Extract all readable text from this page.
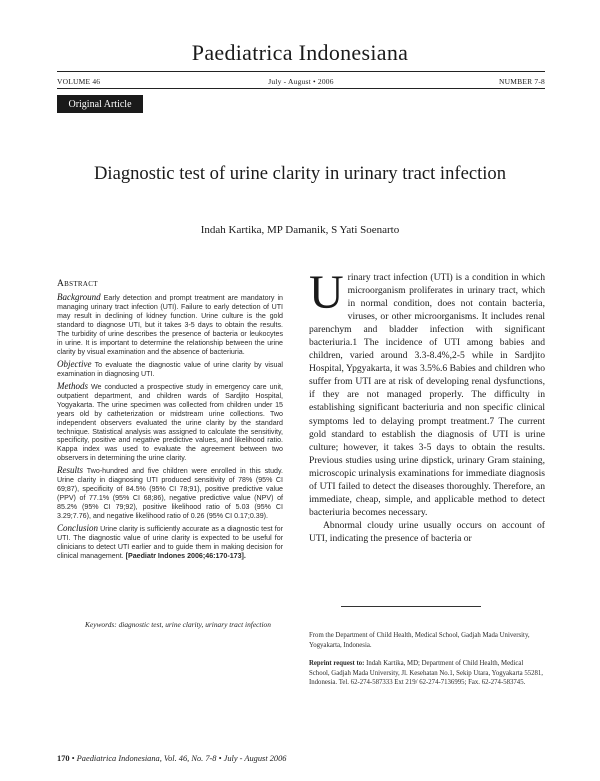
Paediatrica Indonesiana
VOLUME 46	July - August • 2006	NUMBER 7-8
Original Article
Diagnostic test of urine clarity in urinary tract infection
Indah Kartika, MP Damanik, S Yati Soenarto
Abstract

Background Early detection and prompt treatment are mandatory in managing urinary tract infection (UTI). Failure to early detection of UTI may result in declining of kidney function. Urine culture is the gold standard to diagnose UTI, but it takes 3-5 days to obtain the results. The turbidity of urine describes the presence of bacteria or leukocytes in urine. It is important to determine the relationship between the urine clarity by visual examination and the absence of bacteriuria.

Objective To evaluate the diagnostic value of urine clarity by visual examination in diagnosing UTI.

Methods We conducted a prospective study in emergency care unit, outpatient department, and children wards of Sardjito Hospital, Yogyakarta. The urine specimen was collected from children under 15 years old by catheterization or midstream urine collections. Two independent observers evaluated the urine clarity by the standard technique. Statistical analysis was assigned to calculate the sensitivity, specificity, positive and negative predictive values, and likelihood ratio. Kappa index was used to evaluate the agreement between two observers in determining the urine clarity.

Results Two-hundred and five children were enrolled in this study. Urine clarity in diagnosing UTI produced sensitivity of 78% (95% CI 69;87), specificity of 84.5% (95% CI 78;91), positive predictive value (PPV) of 77.1% (95% CI 68;86), negative predictive value (NPV) of 85.2% (95% CI 79;92), positive likelihood ratio of 5.03 (95% CI 3.29;7.76), and negative likelihood ratio of 0.26 (95% CI 0.17;0.39).

Conclusion Urine clarity is sufficiently accurate as a diagnostic test for UTI. The diagnostic value of urine clarity is expected to be useful for clinicians to detect UTI earlier and to guide them in making decision for clinical management. [Paediatr Indones 2006;46:170-173].

Keywords: diagnostic test, urine clarity, urinary tract infection

Urinary tract infection (UTI) is a condition in which microorganism proliferates in urinary tract, which in normal condition, does not contain bacteria, viruses, or other microorganisms. It includes renal parenchym and bladder infection with significant bacteriuria.1 The incidence of UTI among babies and children, varied around 3.3-8.4%,2-5 while in Sardjito Hospital, Ypgyakarta, it was 3.5%.6 Babies and children who suffer from UTI are at risk of developing renal dysfunctions, if they are not managed properly. The difficulty in establishing significant bacteriuria and non specific clinical symptoms led to delaying prompt treatment.7 The current gold standard to establish the diagnosis of UTI is urine culture; however, it takes 3-5 days to obtain the results. Previous studies using urine dipstick, urinary Gram staining, microscopic urinalysis examinations for immediate diagnosis of UTI failed to detect the diseases thoroughly. Therefore, an immediate, cheap, simple, and applicable method to detect bacteriuria becomes necessary.

Abnormal cloudy urine usually occurs on account of UTI, indicating the presence of bacteria or

From the Department of Child Health, Medical School, Gadjah Mada University, Yogyakarta, Indonesia.
Reprint request to: Indah Kartika, MD; Department of Child Health, Medical School, Gadjah Mada University, Jl. Kesehatan No.1, Sekip Utara, Yogyakarta 55281, Indonesia. Tel. 62-274-587333 Ext 219/ 62-274-7136995; Fax. 62-274-583745.
170 • Paediatrica Indonesiana, Vol. 46, No. 7-8 • July - August 2006
